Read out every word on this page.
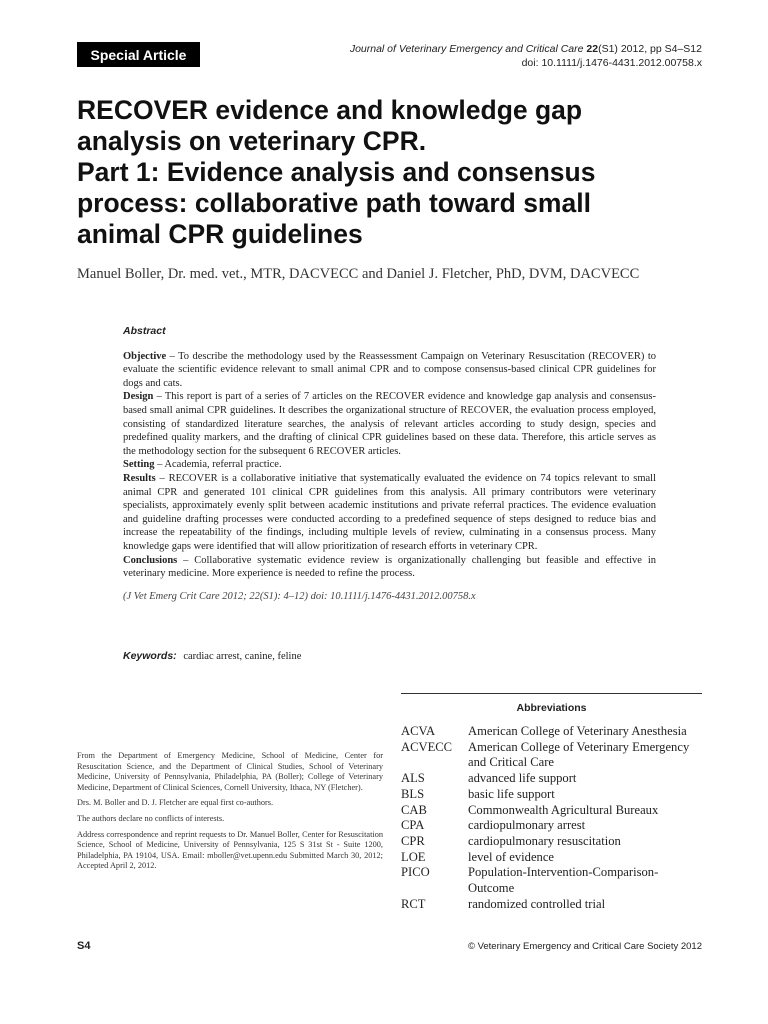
Special Article	Journal of Veterinary Emergency and Critical Care 22(S1) 2012, pp S4–S12
doi: 10.1111/j.1476-4431.2012.00758.x
RECOVER evidence and knowledge gap
analysis on veterinary CPR.
Part 1: Evidence analysis and consensus
process: collaborative path toward small
animal CPR guidelines
Manuel Boller, Dr. med. vet., MTR, DACVECC and Daniel J. Fletcher, PhD, DVM, DACVECC
Abstract

Objective – To describe the methodology used by the Reassessment Campaign on Veterinary Resuscitation (RECOVER) to evaluate the scientific evidence relevant to small animal CPR and to compose consensus-based clinical CPR guidelines for dogs and cats.

Design – This report is part of a series of 7 articles on the RECOVER evidence and knowledge gap analysis and consensus-based small animal CPR guidelines. It describes the organizational structure of RECOVER, the evaluation process employed, consisting of standardized literature searches, the analysis of relevant articles according to study design, species and predefined quality markers, and the drafting of clinical CPR guidelines based on these data. Therefore, this article serves as the methodology section for the subsequent 6 RECOVER articles.

Setting – Academia, referral practice.

Results – RECOVER is a collaborative initiative that systematically evaluated the evidence on 74 topics relevant to small animal CPR and generated 101 clinical CPR guidelines from this analysis. All primary contributors were veterinary specialists, approximately evenly split between academic institutions and private referral practices. The evidence evaluation and guideline drafting processes were conducted according to a predefined sequence of steps designed to reduce bias and increase the repeatability of the findings, including multiple levels of review, culminating in a consensus process. Many knowledge gaps were identified that will allow prioritization of research efforts in veterinary CPR.

Conclusions – Collaborative systematic evidence review is organizationally challenging but feasible and effective in veterinary medicine. More experience is needed to refine the process.

(J Vet Emerg Crit Care 2012; 22(S1): 4–12) doi: 10.1111/j.1476-4431.2012.00758.x

Keywords: cardiac arrest, canine, feline

From the Department of Emergency Medicine, School of Medicine, Center for Resuscitation Science, and the Department of Clinical Studies, School of Veterinary Medicine, University of Pennsylvania, Philadelphia, PA (Boller); College of Veterinary Medicine, Department of Clinical Sciences, Cornell University, Ithaca, NY (Fletcher).

Drs. M. Boller and D. J. Fletcher are equal first co-authors.

The authors declare no conflicts of interests.

Address correspondence and reprint requests to Dr. Manuel Boller, Center for Resuscitation Science, School of Medicine, University of Pennsylvania, 125 S 31st St - Suite 1200, Philadelphia, PA 19104, USA. Email: mboller@vet.upenn.edu Submitted March 30, 2012; Accepted April 2, 2012.

Abbreviations
ACVA	American College of Veterinary Anesthesia
ACVECC	American College of Veterinary Emergency and Critical Care
ALS	advanced life support
BLS	basic life support
CAB	Commonwealth Agricultural Bureaux
CPA	cardiopulmonary arrest
CPR	cardiopulmonary resuscitation
LOE	level of evidence
PICO	Population-Intervention-Comparison-Outcome
RCT	randomized controlled trial
S4	© Veterinary Emergency and Critical Care Society 2012
